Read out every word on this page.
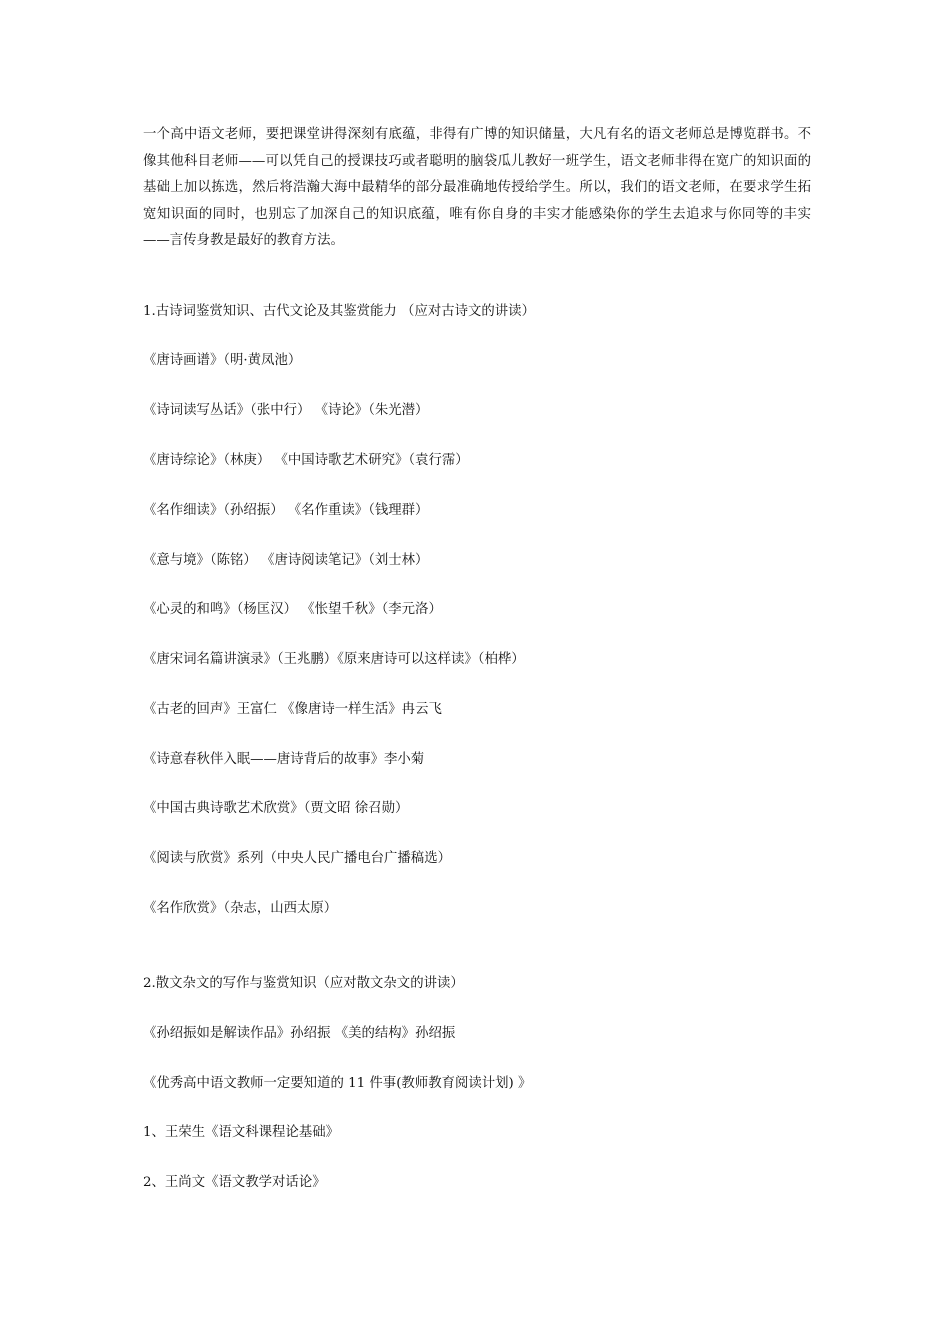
一个高中语文老师，要把课堂讲得深刻有底蕴，非得有广博的知识储量，大凡有名的语文老师总是博览群书。不像其他科目老师——可以凭自己的授课技巧或者聪明的脑袋瓜儿教好一班学生，语文老师非得在宽广的知识面的基础上加以拣选，然后将浩瀚大海中最精华的部分最准确地传授给学生。所以，我们的语文老师，在要求学生拓宽知识面的同时，也别忘了加深自己的知识底蕴，唯有你自身的丰实才能感染你的学生去追求与你同等的丰实——言传身教是最好的教育方法。

1.古诗词鉴赏知识、古代文论及其鉴赏能力 （应对古诗文的讲读）

《唐诗画谱》（明·黄凤池）

《诗词读写丛话》（张中行） 《诗论》（朱光潜）

《唐诗综论》（林庚） 《中国诗歌艺术研究》（袁行霈）

《名作细读》（孙绍振） 《名作重读》（钱理群）

《意与境》（陈铭） 《唐诗阅读笔记》（刘士林）

《心灵的和鸣》（杨匡汉） 《怅望千秋》（李元洛）

《唐宋词名篇讲演录》（王兆鹏）《原来唐诗可以这样读》（柏桦）

《古老的回声》王富仁 《像唐诗一样生活》冉云飞

《诗意春秋伴入眠——唐诗背后的故事》李小菊

《中国古典诗歌艺术欣赏》（贾文昭 徐召勋）

《阅读与欣赏》系列（中央人民广播电台广播稿选）

《名作欣赏》（杂志，山西太原）

2.散文杂文的写作与鉴赏知识（应对散文杂文的讲读）

《孙绍振如是解读作品》孙绍振 《美的结构》孙绍振

《优秀高中语文教师一定要知道的 11 件事(教师教育阅读计划) 》

1、王荣生《语文科课程论基础》

2、王尚文《语文教学对话论》
